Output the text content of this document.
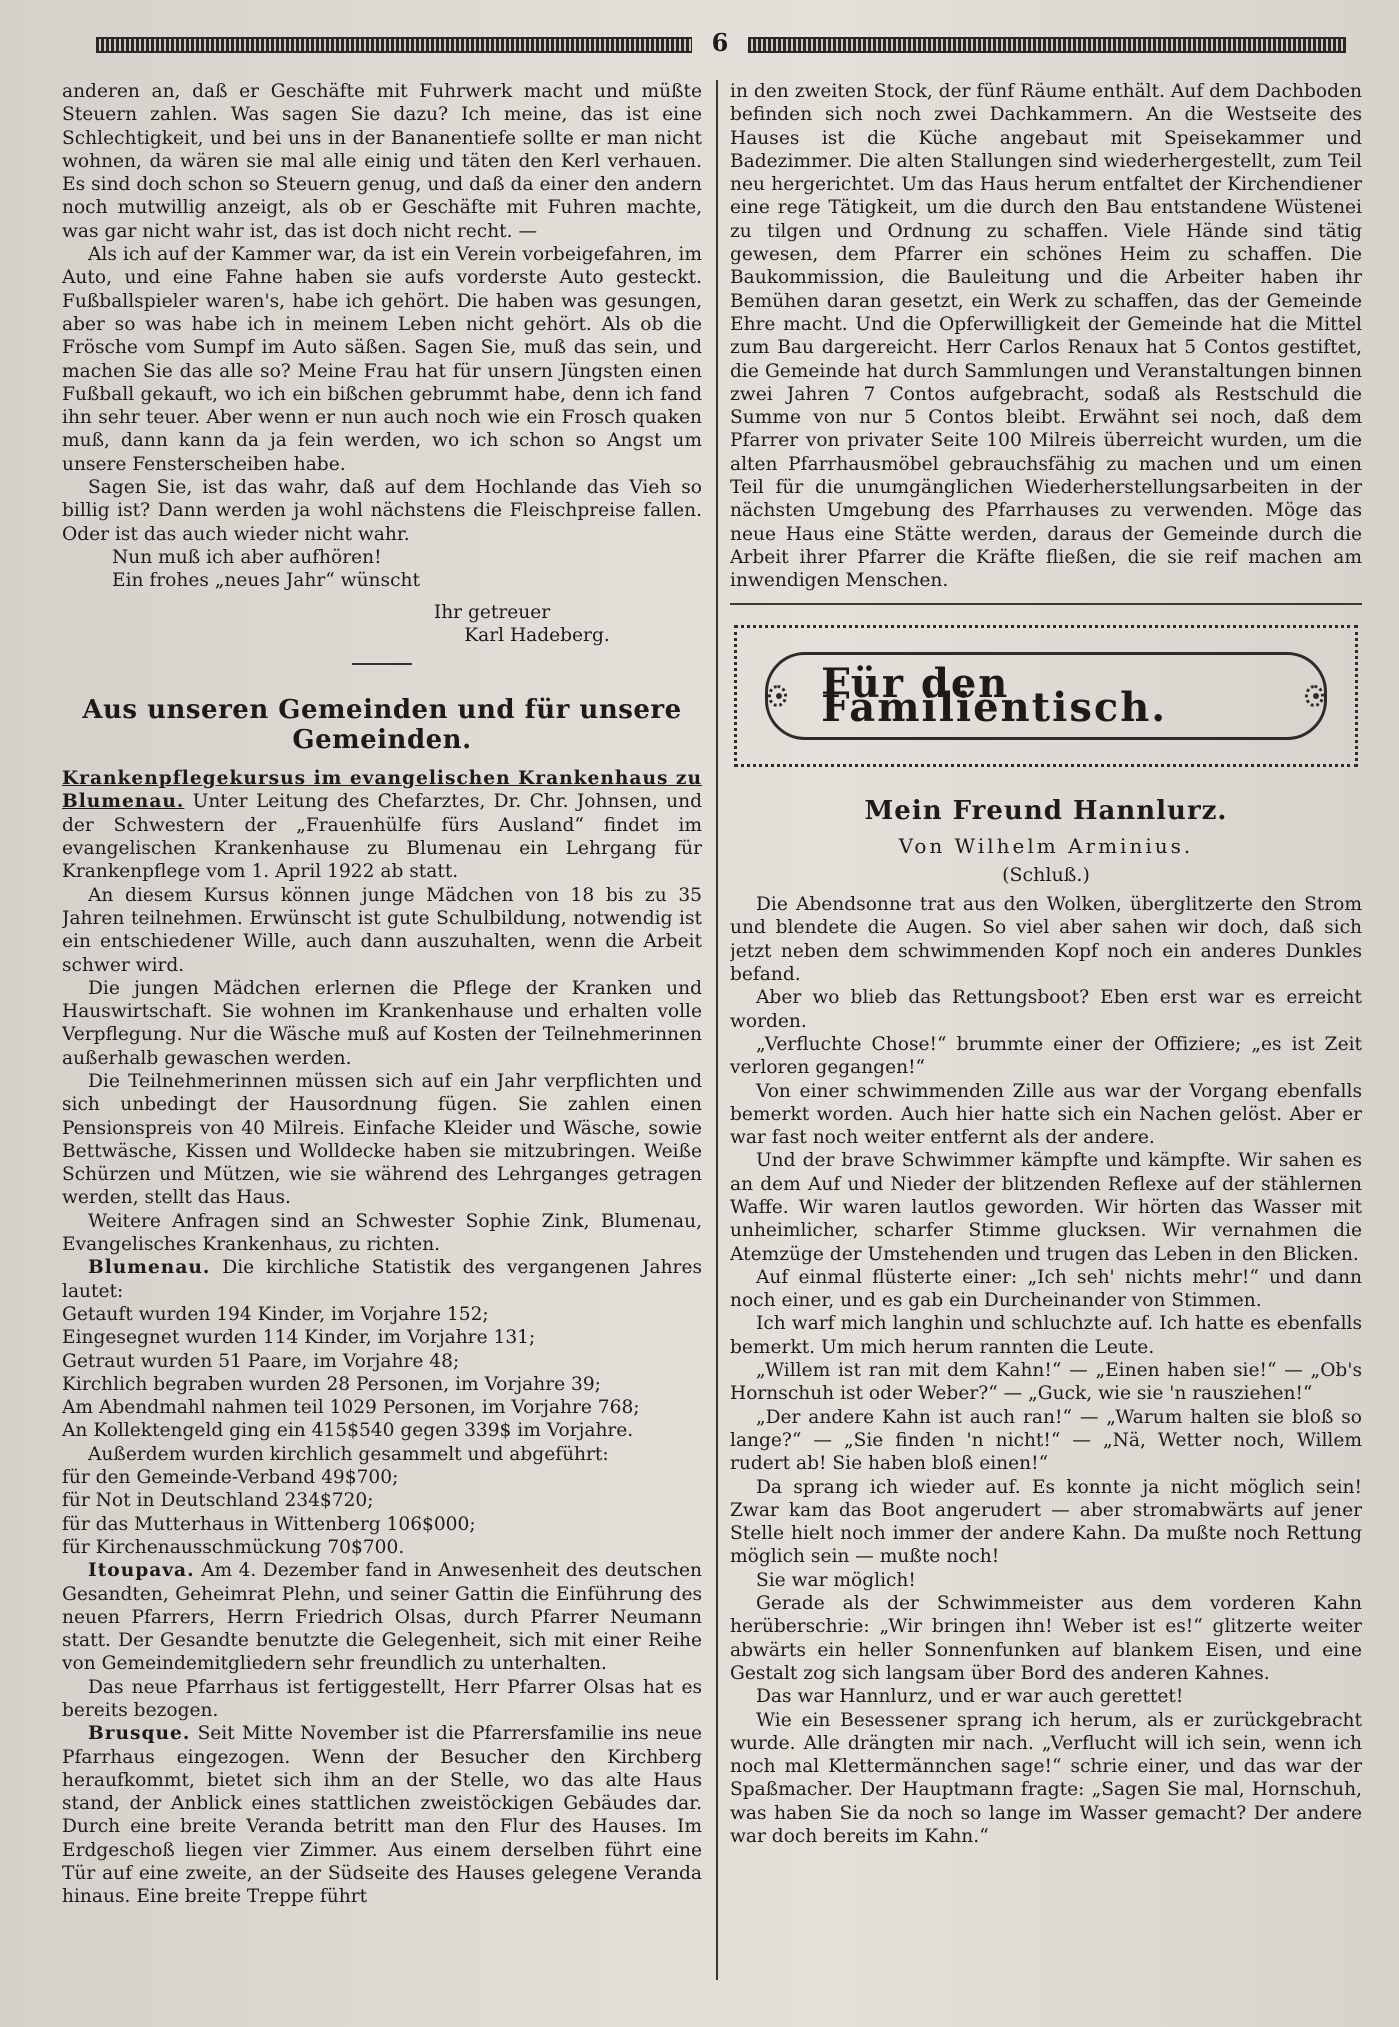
6

anderen an, daß er Geschäfte mit Fuhrwerk macht und müßte Steuern zahlen. Was sagen Sie dazu? Ich meine, das ist eine Schlechtigkeit, und bei uns in der Bananentiefe sollte er man nicht wohnen, da wären sie mal alle einig und täten den Kerl verhauen. Es sind doch schon so Steuern genug, und daß da einer den andern noch mutwillig anzeigt, als ob er Geschäfte mit Fuhren machte, was gar nicht wahr ist, das ist doch nicht recht. —

Als ich auf der Kammer war, da ist ein Verein vorbeigefahren, im Auto, und eine Fahne haben sie aufs vorderste Auto gesteckt. Fußballspieler waren's, habe ich gehört. Die haben was gesungen, aber so was habe ich in meinem Leben nicht gehört. Als ob die Frösche vom Sumpf im Auto säßen. Sagen Sie, muß das sein, und machen Sie das alle so? Meine Frau hat für unsern Jüngsten einen Fußball gekauft, wo ich ein bißchen gebrummt habe, denn ich fand ihn sehr teuer. Aber wenn er nun auch noch wie ein Frosch quaken muß, dann kann da ja fein werden, wo ich schon so Angst um unsere Fensterscheiben habe.

Sagen Sie, ist das wahr, daß auf dem Hochlande das Vieh so billig ist? Dann werden ja wohl nächstens die Fleischpreise fallen. Oder ist das auch wieder nicht wahr.

Nun muß ich aber aufhören!

Ein frohes „neues Jahr“ wünscht

Ihr getreuer

Karl Hadeberg.

Aus unseren Gemeinden und für unsere Gemeinden.

Krankenpflegekursus im evangelischen Krankenhaus zu Blumenau. Unter Leitung des Chefarztes, Dr. Chr. Johnsen, und der Schwestern der „Frauenhülfe fürs Ausland“ findet im evangelischen Krankenhause zu Blumenau ein Lehrgang für Krankenpflege vom 1. April 1922 ab statt.

An diesem Kursus können junge Mädchen von 18 bis zu 35 Jahren teilnehmen. Erwünscht ist gute Schulbildung, notwendig ist ein entschiedener Wille, auch dann auszuhalten, wenn die Arbeit schwer wird.

Die jungen Mädchen erlernen die Pflege der Kranken und Hauswirtschaft. Sie wohnen im Krankenhause und erhalten volle Verpflegung. Nur die Wäsche muß auf Kosten der Teilnehmerinnen außerhalb gewaschen werden.

Die Teilnehmerinnen müssen sich auf ein Jahr verpflichten und sich unbedingt der Hausordnung fügen. Sie zahlen einen Pensionspreis von 40 Milreis. Einfache Kleider und Wäsche, sowie Bettwäsche, Kissen und Wolldecke haben sie mitzubringen. Weiße Schürzen und Mützen, wie sie während des Lehrganges getragen werden, stellt das Haus.

Weitere Anfragen sind an Schwester Sophie Zink, Blumenau, Evangelisches Krankenhaus, zu richten.

Blumenau. Die kirchliche Statistik des vergangenen Jahres lautet:

Getauft wurden 194 Kinder, im Vorjahre 152;

Eingesegnet wurden 114 Kinder, im Vorjahre 131;

Getraut wurden 51 Paare, im Vorjahre 48;

Kirchlich begraben wurden 28 Personen, im Vorjahre 39;

Am Abendmahl nahmen teil 1029 Personen, im Vorjahre 768;

An Kollektengeld ging ein 415$540 gegen 339$ im Vorjahre.

Außerdem wurden kirchlich gesammelt und abgeführt:

für den Gemeinde-Verband 49$700;

für Not in Deutschland 234$720;

für das Mutterhaus in Wittenberg 106$000;

für Kirchenausschmückung 70$700.

Itoupava. Am 4. Dezember fand in Anwesenheit des deutschen Gesandten, Geheimrat Plehn, und seiner Gattin die Einführung des neuen Pfarrers, Herrn Friedrich Olsas, durch Pfarrer Neumann statt. Der Gesandte benutzte die Gelegenheit, sich mit einer Reihe von Gemeindemitgliedern sehr freundlich zu unterhalten.

Das neue Pfarrhaus ist fertiggestellt, Herr Pfarrer Olsas hat es bereits bezogen.

Brusque. Seit Mitte November ist die Pfarrersfamilie ins neue Pfarrhaus eingezogen. Wenn der Besucher den Kirchberg heraufkommt, bietet sich ihm an der Stelle, wo das alte Haus stand, der Anblick eines stattlichen zweistöckigen Gebäudes dar. Durch eine breite Veranda betritt man den Flur des Hauses. Im Erdgeschoß liegen vier Zimmer. Aus einem derselben führt eine Tür auf eine zweite, an der Südseite des Hauses gelegene Veranda hinaus. Eine breite Treppe führt

in den zweiten Stock, der fünf Räume enthält. Auf dem Dachboden befinden sich noch zwei Dachkammern. An die Westseite des Hauses ist die Küche angebaut mit Speisekammer und Badezimmer. Die alten Stallungen sind wiederhergestellt, zum Teil neu hergerichtet. Um das Haus herum entfaltet der Kirchendiener eine rege Tätigkeit, um die durch den Bau entstandene Wüstenei zu tilgen und Ordnung zu schaffen. Viele Hände sind tätig gewesen, dem Pfarrer ein schönes Heim zu schaffen. Die Baukommission, die Bauleitung und die Arbeiter haben ihr Bemühen daran gesetzt, ein Werk zu schaffen, das der Gemeinde Ehre macht. Und die Opferwilligkeit der Gemeinde hat die Mittel zum Bau dargereicht. Herr Carlos Renaux hat 5 Contos gestiftet, die Gemeinde hat durch Sammlungen und Veranstaltungen binnen zwei Jahren 7 Contos aufgebracht, sodaß als Restschuld die Summe von nur 5 Contos bleibt. Erwähnt sei noch, daß dem Pfarrer von privater Seite 100 Milreis überreicht wurden, um die alten Pfarrhausmöbel gebrauchsfähig zu machen und um einen Teil für die unumgänglichen Wiederherstellungsarbeiten in der nächsten Umgebung des Pfarrhauses zu verwenden. Möge das neue Haus eine Stätte werden, daraus der Gemeinde durch die Arbeit ihrer Pfarrer die Kräfte fließen, die sie reif machen am inwendigen Menschen.

Für den Familientisch.
Mein Freund Hannlurz.
Von Wilhelm Arminius.
(Schluß.)

Die Abendsonne trat aus den Wolken, überglitzerte den Strom und blendete die Augen. So viel aber sahen wir doch, daß sich jetzt neben dem schwimmenden Kopf noch ein anderes Dunkles befand.

Aber wo blieb das Rettungsboot? Eben erst war es erreicht worden.

„Verfluchte Chose!“ brummte einer der Offiziere; „es ist Zeit verloren gegangen!“

Von einer schwimmenden Zille aus war der Vorgang ebenfalls bemerkt worden. Auch hier hatte sich ein Nachen gelöst. Aber er war fast noch weiter entfernt als der andere.

Und der brave Schwimmer kämpfte und kämpfte. Wir sahen es an dem Auf und Nieder der blitzenden Reflexe auf der stählernen Waffe. Wir waren lautlos geworden. Wir hörten das Wasser mit unheimlicher, scharfer Stimme glucksen. Wir vernahmen die Atemzüge der Umstehenden und trugen das Leben in den Blicken.

Auf einmal flüsterte einer: „Ich seh' nichts mehr!“ und dann noch einer, und es gab ein Durcheinander von Stimmen.

Ich warf mich langhin und schluchzte auf. Ich hatte es ebenfalls bemerkt. Um mich herum rannten die Leute.

„Willem ist ran mit dem Kahn!“ — „Einen haben sie!“ — „Ob's Hornschuh ist oder Weber?“ — „Guck, wie sie 'n rausziehen!“

„Der andere Kahn ist auch ran!“ — „Warum halten sie bloß so lange?“ — „Sie finden 'n nicht!“ — „Nä, Wetter noch, Willem rudert ab! Sie haben bloß einen!“

Da sprang ich wieder auf. Es konnte ja nicht möglich sein! Zwar kam das Boot angerudert — aber stromabwärts auf jener Stelle hielt noch immer der andere Kahn. Da mußte noch Rettung möglich sein — mußte noch!

Sie war möglich!

Gerade als der Schwimmeister aus dem vorderen Kahn herüberschrie: „Wir bringen ihn! Weber ist es!“ glitzerte weiter abwärts ein heller Sonnenfunken auf blankem Eisen, und eine Gestalt zog sich langsam über Bord des anderen Kahnes.

Das war Hannlurz, und er war auch gerettet!

Wie ein Besessener sprang ich herum, als er zurückgebracht wurde. Alle drängten mir nach. „Verflucht will ich sein, wenn ich noch mal Klettermännchen sage!“ schrie einer, und das war der Spaßmacher. Der Hauptmann fragte: „Sagen Sie mal, Hornschuh, was haben Sie da noch so lange im Wasser gemacht? Der andere war doch bereits im Kahn.“
